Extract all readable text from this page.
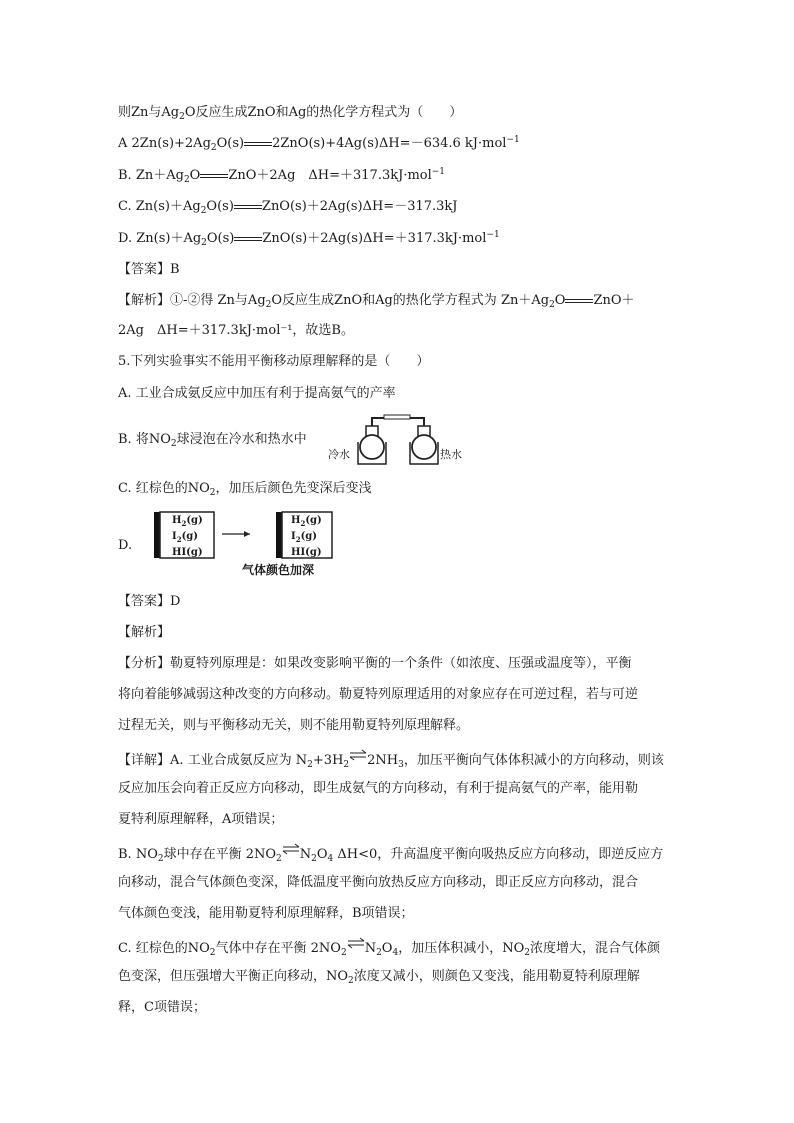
则Zn与$Ag_2O$反应生成ZnO和Ag的热化学方程式为（　　）
A $2Zn(s)+2Ag_2O(s)$ 2ZnO(s)+4Ag(s)ΔH=－634.6 kJ·mol$^{-1}$
B. $Zn+Ag_2O$ ZnO＋2Ag　ΔH=＋317.3kJ·mol$^{-1}$
C. $Zn(s)+Ag_2O(s)$ ZnO(s)＋2Ag(s)ΔH=－317.3kJ
D. $Zn(s)+Ag_2O(s)$ ZnO(s)＋2Ag(s)ΔH=＋317.3kJ·mol$^{-1}$
【答案】B
【解析】①-②得 Zn与$Ag_2O$反应生成ZnO和Ag的热化学方程式为 $Zn+Ag_2O$ ZnO＋
2Ag　ΔH=＋317.3kJ·mol⁻¹，故选B。
5.下列实验事实不能用平衡移动原理解释的是（　　）
A. 工业合成氨反应中加压有利于提高氨气的产率
B. 将$NO_2$球浸泡在冷水和热水中
冷水	热水
C. 红棕色的$NO_2$，加压后颜色先变深后变浅
D.
$H_2(g)$
$I_2(g)$
HI(g)
$H_2(g)$
$I_2(g)$
HI(g)
气体颜色加深
【答案】D
【解析】
【分析】勒夏特列原理是：如果改变影响平衡的一个条件（如浓度、压强或温度等），平衡
将向着能够减弱这种改变的方向移动。勒夏特列原理适用的对象应存在可逆过程，若与可逆
过程无关，则与平衡移动无关，则不能用勒夏特列原理解释。
【详解】A. 工业合成氨反应为 $N_2+3H_2$ $2NH_3$，加压平衡向气体体积减小的方向移动，则该
反应加压会向着正反应方向移动，即生成氨气的方向移动，有利于提高氨气的产率，能用勒
夏特利原理解释，A项错误；
B. $NO_2$球中存在平衡 $2NO_2$ $N_2O_4$ ΔH<0，升高温度平衡向吸热反应方向移动，即逆反应方
向移动，混合气体颜色变深，降低温度平衡向放热反应方向移动，即正反应方向移动，混合
气体颜色变浅，能用勒夏特利原理解释，B项错误；
C. 红棕色的$NO_2$气体中存在平衡 $2NO_2$ $N_2O_4$，加压体积减小，$NO_2$浓度增大，混合气体颜
色变深，但压强增大平衡正向移动，$NO_2$浓度又减小，则颜色又变浅，能用勒夏特利原理解
释，C项错误；
